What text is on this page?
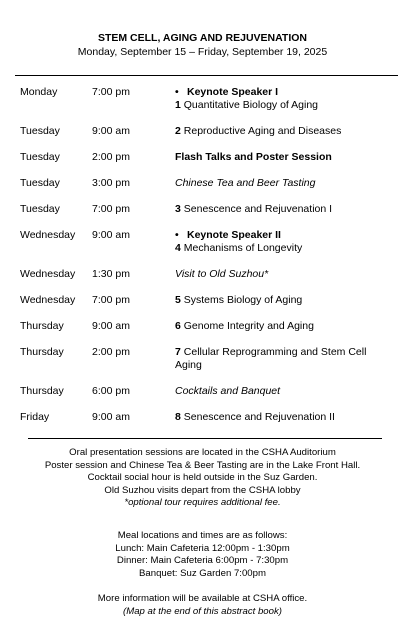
STEM CELL, AGING AND REJUVENATION
Monday, September 15 – Friday, September 19, 2025
Monday	7:00 pm	• Keynote Speaker I
1 Quantitative Biology of Aging
Tuesday	9:00 am	2 Reproductive Aging and Diseases
Tuesday	2:00 pm	Flash Talks and Poster Session
Tuesday	3:00 pm	Chinese Tea and Beer Tasting
Tuesday	7:00 pm	3 Senescence and Rejuvenation I
Wednesday 9:00 am	• Keynote Speaker II
4 Mechanisms of Longevity
Wednesday 1:30 pm	Visit to Old Suzhou*
Wednesday 7:00 pm	5 Systems Biology of Aging
Thursday	9:00 am	6 Genome Integrity and Aging
Thursday	2:00 pm	7 Cellular Reprogramming and Stem Cell Aging
Thursday	6:00 pm	Cocktails and Banquet
Friday	9:00 am	8 Senescence and Rejuvenation II
Oral presentation sessions are located in the CSHA Auditorium
Poster session and Chinese Tea & Beer Tasting are in the Lake Front Hall.
Cocktail social hour is held outside in the Suz Garden.
Old Suzhou visits depart from the CSHA lobby
*optional tour requires additional fee.
Meal locations and times are as follows:
Lunch: Main Cafeteria 12:00pm - 1:30pm
Dinner: Main Cafeteria 6:00pm - 7:30pm
Banquet: Suz Garden 7:00pm
More information will be available at CSHA office.
(Map at the end of this abstract book)
